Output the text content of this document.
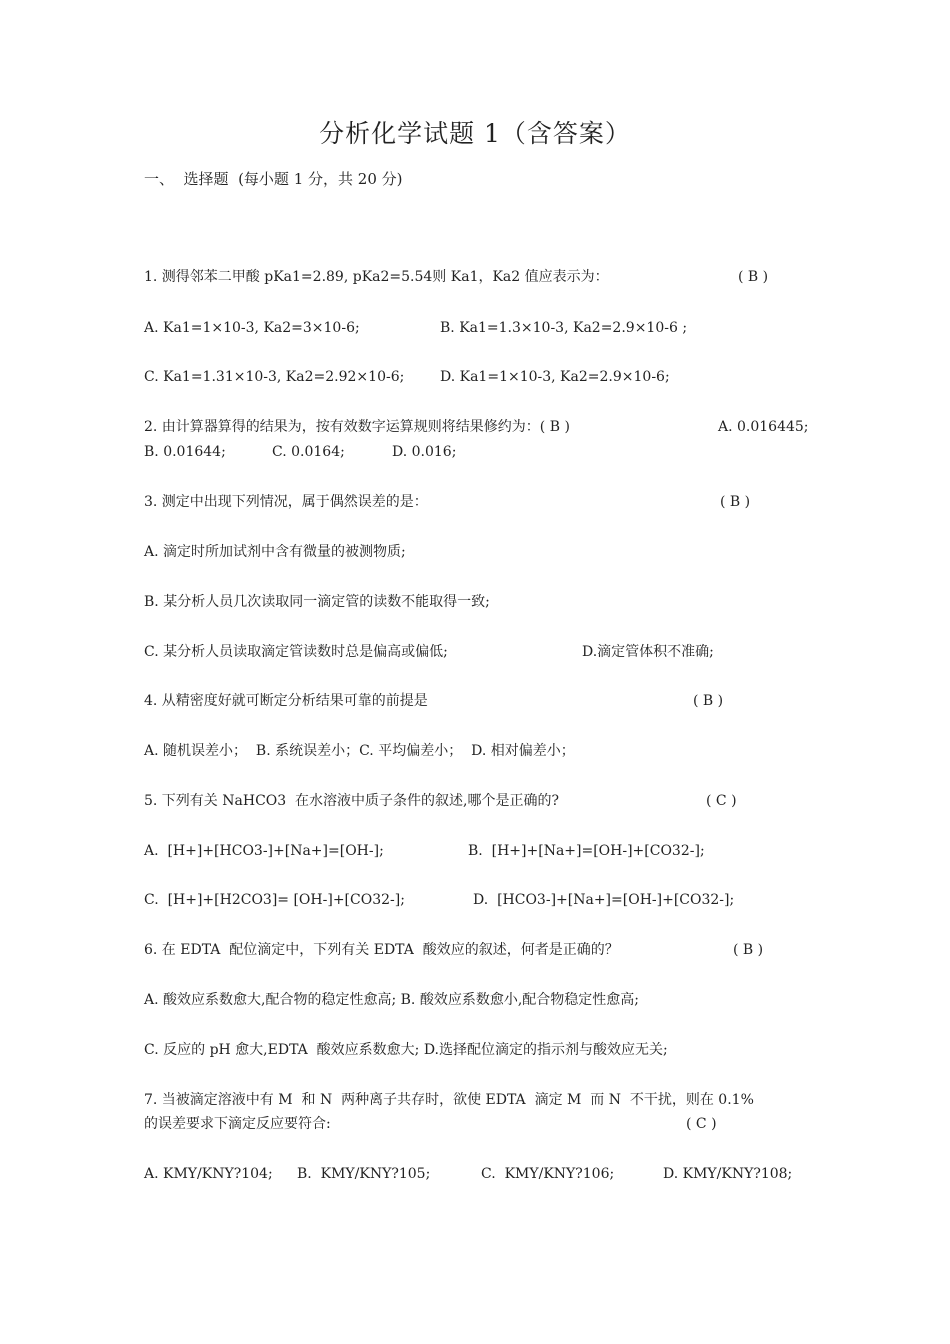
分析化学试题 1（含答案）
一、  选择题  (每小题 1 分，共 20 分)
1. 测得邻苯二甲酸 pKa1=2.89, pKa2=5.54则 Ka1，Ka2 值应表示为：	( B )
A. Ka1=1×10-3, Ka2=3×10-6;	B. Ka1=1.3×10-3, Ka2=2.9×10-6 ;
C. Ka1=1.31×10-3, Ka2=2.92×10-6;	D. Ka1=1×10-3, Ka2=2.9×10-6;
2. 由计算器算得的结果为，按有效数字运算规则将结果修约为：( B )	A. 0.016445;
B. 0.01644;	C. 0.0164;	D. 0.016;
3. 测定中出现下列情况，属于偶然误差的是：	( B )
A. 滴定时所加试剂中含有微量的被测物质;
B. 某分析人员几次读取同一滴定管的读数不能取得一致;
C. 某分析人员读取滴定管读数时总是偏高或偏低;	D.滴定管体积不准确;
4. 从精密度好就可断定分析结果可靠的前提是	( B )
A. 随机误差小；  B. 系统误差小；C. 平均偏差小；  D. 相对偏差小；
5. 下列有关 NaHCO3  在水溶液中质子条件的叙述,哪个是正确的?	( C )
A.  [H+]+[HCO3-]+[Na+]=[OH-];	B.  [H+]+[Na+]=[OH-]+[CO32-];
C.  [H+]+[H2CO3]= [OH-]+[CO32-];	D.  [HCO3-]+[Na+]=[OH-]+[CO32-];
6. 在 EDTA  配位滴定中，下列有关 EDTA  酸效应的叙述，何者是正确的？	( B )
A. 酸效应系数愈大,配合物的稳定性愈高; B. 酸效应系数愈小,配合物稳定性愈高;
C. 反应的 pH 愈大,EDTA  酸效应系数愈大; D.选择配位滴定的指示剂与酸效应无关;
7. 当被滴定溶液中有 M  和 N  两种离子共存时，欲使 EDTA  滴定 M  而 N  不干扰，则在 0.1%
的误差要求下滴定反应要符合:	( C )
A. KMY/KNY?104; B.  KMY/KNY?105;	C.  KMY/KNY?106;	D. KMY/KNY?108;
